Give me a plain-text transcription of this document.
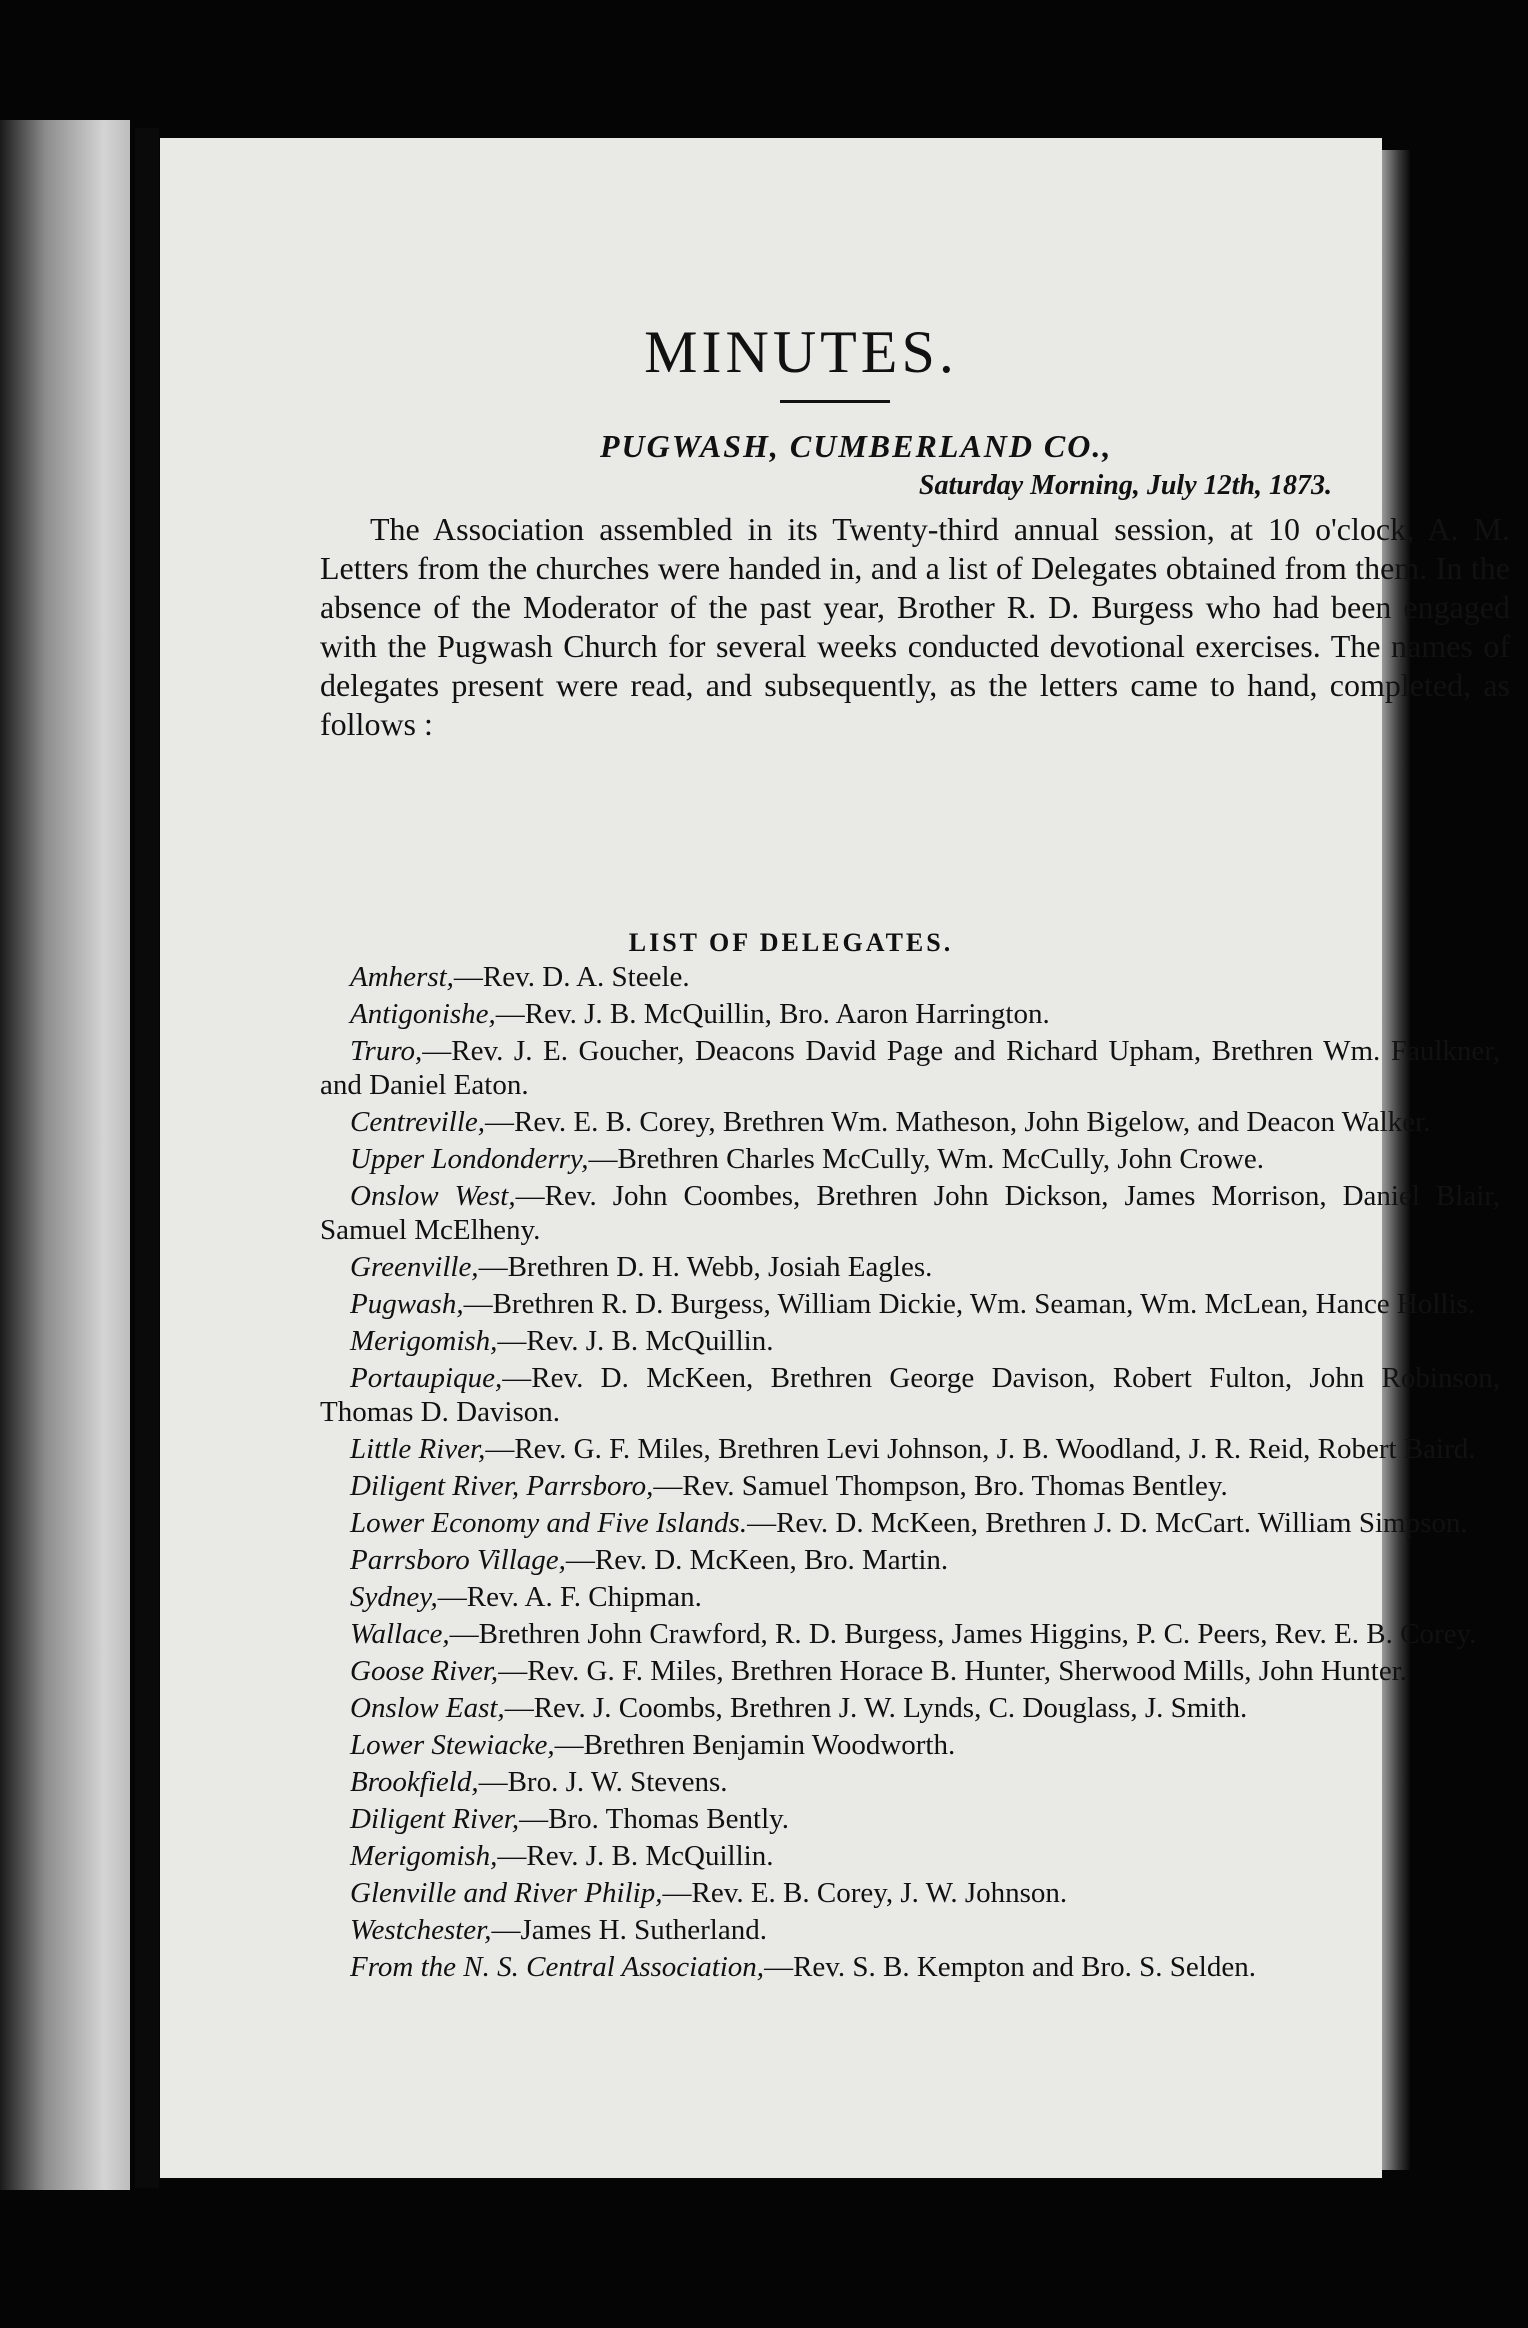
MINUTES.
PUGWASH, CUMBERLAND CO.,
Saturday Morning, July 12th, 1873.
The Association assembled in its Twenty-third annual session, at 10 o'clock, A. M. Letters from the churches were handed in, and a list of Delegates obtained from them. In the absence of the Moderator of the past year, Brother R. D. Burgess who had been engaged with the Pugwash Church for several weeks conducted devotional exercises. The names of delegates present were read, and subsequently, as the letters came to hand, completed, as follows :
LIST OF DELEGATES.
Amherst,—Rev. D. A. Steele.
Antigonishe,—Rev. J. B. McQuillin, Bro. Aaron Harrington.
Truro,—Rev. J. E. Goucher, Deacons David Page and Richard Upham, Brethren Wm. Faulkner, and Daniel Eaton.
Centreville,—Rev. E. B. Corey, Brethren Wm. Matheson, John Bigelow, and Deacon Walker.
Upper Londonderry,—Brethren Charles McCully, Wm. McCully, John Crowe.
Onslow West,—Rev. John Coombes, Brethren John Dickson, James Morrison, Daniel Blair, Samuel McElheny.
Greenville,—Brethren D. H. Webb, Josiah Eagles.
Pugwash,—Brethren R. D. Burgess, William Dickie, Wm. Seaman, Wm. McLean, Hance Hollis.
Merigomish,—Rev. J. B. McQuillin.
Portaupique,—Rev. D. McKeen, Brethren George Davison, Robert Fulton, John Robinson, Thomas D. Davison.
Little River,—Rev. G. F. Miles, Brethren Levi Johnson, J. B. Woodland, J. R. Reid, Robert Baird.
Diligent River, Parrsboro,—Rev. Samuel Thompson, Bro. Thomas Bentley.
Lower Economy and Five Islands.—Rev. D. McKeen, Brethren J. D. McCart. William Simpson.
Parrsboro Village,—Rev. D. McKeen, Bro. Martin.
Sydney,—Rev. A. F. Chipman.
Wallace,—Brethren John Crawford, R. D. Burgess, James Higgins, P. C. Peers, Rev. E. B. Corey.
Goose River,—Rev. G. F. Miles, Brethren Horace B. Hunter, Sherwood Mills, John Hunter.
Onslow East,—Rev. J. Coombs, Brethren J. W. Lynds, C. Douglass, J. Smith.
Lower Stewiacke,—Brethren Benjamin Woodworth.
Brookfield,—Bro. J. W. Stevens.
Diligent River,—Bro. Thomas Bently.
Merigomish,—Rev. J. B. McQuillin.
Glenville and River Philip,—Rev. E. B. Corey, J. W. Johnson.
Westchester,—James H. Sutherland.
From the N. S. Central Association,—Rev. S. B. Kempton and Bro. S. Selden.
